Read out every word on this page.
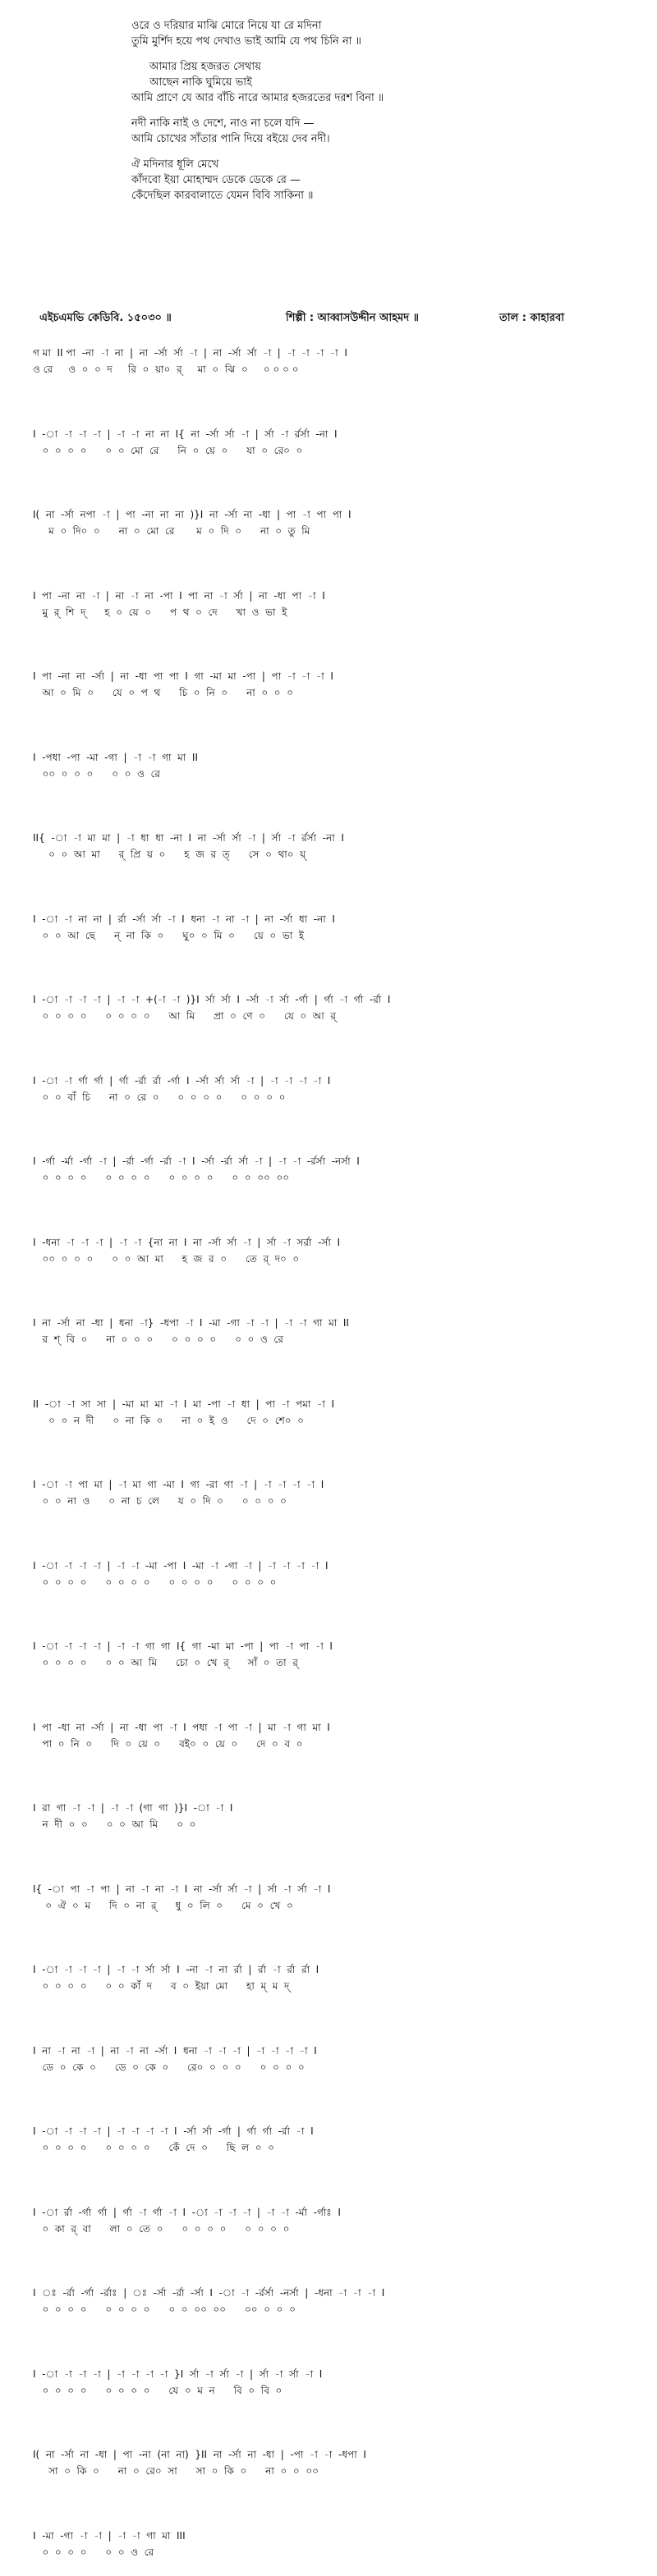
ওরে ও দরিয়ার মাঝি মোরে নিয়ে যা রে মদিনা
তুমি মুর্শিদ হয়ে পথ দেখাও ভাই আমি যে পথ চিনি না ॥
আমার প্রিয় হজরত সেথায়
আছেন নাকি ঘুমিয়ে ভাই
আমি প্রাণে যে আর বাঁচি নারে আমার হজরতের দরশ বিনা ॥
নদী নাকি নাই ও দেশে, নাও না চলে যদি —
আমি চোখের সাঁতার পানি দিয়ে বইয়ে দেব নদী।
ঐ মদিনার ধূলি মেখে
কাঁদবো ইয়া মোহাম্মদ ডেকে ডেকে রে —
কেঁদেছিল কারবালাতে যেমন বিবি সাকিনা ॥
এইচএমভি কেডিবি. ১৫০৩০ ॥	শিল্পী : আব্বাসউদ্দীন আহমদ ॥	তাল : কাহারবা
গ মা  II পা  -না  -া  না  |  না  -র্সা  র্সা  -া  |  না  -র্সা  র্সা  -া  |  -া  -া  -া  -া  I
ও রে     ও  ০  ০  দ     রি  ০  য়া০  র্     মা  ০  ঝি  ০     ০ ০ ০ ০
I  -া  -া  -া  -া  |  -া  -া  না  না  I{  না  -র্সা  র্সা  -া  |  র্সা  -া  র্রর্সা  -না  I
০  ০  ০  ০      ০  ০  মো  রে      নি  ০  য়ে  ০      যা  ০  রে০  ০
I(  না  -র্সা  নপা  -া  |  পা  -না  না  না  )}I  না  -র্সা  না  -ধা  |  পা  -া  পা  পা  I
ম  ০  দি০  ০      না  ০  মো  রে       ম  ০  দি  ০      না  ০  তু  মি
I  পা  -না  না  -া  |  না  -া  না  -পা  I  পা  না  -া  র্সা  |  না  -ধা  পা  -া  I
মু  র্  শি  দ্      হ  ০  য়ে  ০      প  থ  ০  দে      খা  ও  ভা  ই
I  পা  -না  না  -র্সা  |  না  -ধা  পা  পা  I  গা  -মা  মা  -পা  |  পা  -া  -া  -া  I
আ  ০  মি  ০      যে  ০  প  থ      চি  ০  নি  ০      না  ০  ০  ০
I  -পধা  -পা  -মা  -গা  |  -া  -া  গা  মা  II
০০  ০  ০  ০      ০  ০  ও  রে
II{  -া  -া  মা  মা  |  -া  ধা  ধা  -না  I  না  -র্সা  র্সা  -া  |  র্সা  -া  র্রর্সা  -না  I
০  ০  আ  মা      র্  প্রি  য়  ০      হ  জ  র  ত্      সে  ০  থা০  য়্
I  -া  -া  না  না  |  র্রা  -র্সা  র্সা  -া  I  ধনা  -া  না  -া  |  না  -র্সা  ধা  -না  I
০  ০  আ  ছে      ন্  না  কি  ০      ঘু০  ০  মি  ০      য়ে  ০  ভা  ই
I  -া  -া  -া  -া  |  -া  -া  +(-া  -া  )}I  র্সা  র্সা  I  -র্সা  -া  র্সা  -র্গা  |  র্গা  -া  র্গা  -র্রা  I
০  ০  ০  ০      ০  ০  ০  ০      আ  মি      প্রা  ০  ণে  ০      যে  ০  আ  র্
I  -া  -া  র্গা  র্গা  |  র্গা  -র্রা  র্রা  -র্গা  I  -র্সা  র্সা  র্সা  -া  |  -া  -া  -া  -া  I
০  ০  বাঁ  চি      না  ০  রে  ০      ০  ০  ০  ০      ০  ০  ০  ০
I  -র্গা  -র্মা  -র্গা  -া  |  -র্রা  -র্গা  -র্রা  -া  I  -র্সা  -র্রা  র্সা  -া  |  -া  -া  -র্রর্সা  -নর্সা  I
০  ০  ০  ০      ০  ০  ০  ০      ০  ০  ০  ০      ০  ০  ০০  ০০
I  -ধনা  -া  -া  -া  |  -া  -া  {না  না  I  না  -র্সা  র্সা  -া  |  র্সা  -া  সর্রা  -র্সা  I
০০  ০  ০  ০      ০  ০  আ  মা      হ  জ  র  ০      তে  র্  দ০  ০
I  না  -র্সা  না  -ধা  |  ধনা  -া}  -ধপা  -া  I  -মা  -গা  -া  -া  |  -া  -া  গা  মা  II
র  শ্  বি  ০      না  ০  ০  ০      ০  ০  ০  ০      ০  ০  ও  রে
II  -া  -া  সা  সা  |  -মা  মা  মা  -া  I  মা  -পা  -া  ধা  |  পা  -া  পমা  -া  I
০  ০  ন  দী      ০  না  কি  ০      না  ০  ই  ও      দে  ০  শে০  ০
I  -া  -া  পা  মা  |  -া  মা  গা  -মা  I  গা  -রা  গা  -া  |  -া  -া  -া  -া  I
০  ০  না  ও      ০  না  চ  লে      য  ০  দি  ০      ০  ০  ০  ০
I  -া  -া  -া  -া  |  -া  -া  -মা  -পা  I  -মা  -া  -গা  -া  |  -া  -া  -া  -া  I
০  ০  ০  ০      ০  ০  ০  ০      ০  ০  ০  ০      ০  ০  ০  ০
I  -া  -া  -া  -া  |  -া  -া  গা  গা  I{  গা  -মা  মা  -পা  |  পা  -া  পা  -া  I
০  ০  ০  ০      ০  ০  আ  মি      চো  ০  খে  র্      সাঁ  ০  তা  র্
I  পা  -ধা  না  -র্সা  |  না  -ধা  পা  -া  I  পধা  -া  পা  -া  |  মা  -া  গা  মা  I
পা  ০  নি  ০      দি  ০  য়ে  ০      বই০  ০  য়ে  ০      দে  ০  ব  ০
I  রা  গা  -া  -া  |  -া  -া  (গা  গা  )}I  -া  -া  I
ন  দী  ০  ০      ০  ০  আ  মি      ০  ০
I{  -া  পা  -া  পা  |  না  -া  না  -া  I  না  -র্সা  র্সা  -া  |  র্সা  -া  র্সা  -া  I
০  ঐ  ০  ম      দি  ০  না  র্      ধু  ০  লি  ০      মে  ০  খে  ০
I  -া  -া  -া  -া  |  -া  -া  র্সা  র্সা  I  -না  -া  না  র্রা  |  র্রা  -া  র্রা  র্রা  I
০  ০  ০  ০      ০  ০  কাঁ  দ      ব  ০  ইয়া  মো      হা  ম্  ম  দ্
I  না  -া  না  -া  |  না  -া  না  -র্সা  I  ধনা  -া  -া  -া  |  -া  -া  -া  -া  I
ডে  ০  কে  ০      ডে  ০  কে  ০      রে০  ০  ০  ০      ০  ০  ০  ০
I  -া  -া  -া  -া  |  -া  -া  -া  -া  I  -র্সা  র্সা  -র্গা  |  র্গা  র্গা  -র্রা  -া  I
০  ০  ০  ০      ০  ০  ০  ০      কেঁ  দে  ০      ছি  ল  ০  ০
I  -া  র্রা  -র্গা  র্গা  |  র্গা  -া  র্গা  -া  I  -া  -া  -া  -া  |  -া  -া  -র্মা  -র্গাঃ  I
০  কা  র্  বা      লা  ০  তে  ০      ০  ০  ০  ০      ০  ০  ০  ০
I  ঃ  -র্রা  -র্গা  -র্রাঃ  |  ঃ  -র্সা  -র্রা  -র্সা  I  -া  -া  -র্রর্সা  -নর্সা  |  -ধনা  -া  -া  -া  I
০  ০  ০  ০      ০  ০  ০  ০      ০  ০  ০০  ০০      ০০  ০  ০  ০
I  -া  -া  -া  -া  |  -া  -া  -া  -া  }I  র্সা  -া  র্সা  -া  |  র্সা  -া  র্সা  -া  I
০  ০  ০  ০      ০  ০  ০  ০      যে  ০  ম  ন      বি  ০  বি  ০
I(  না  -র্সা  না  -ধা  |  পা  -না  (না  না)  }II  না  -র্সা  না  -ধা  |  -পা  -া  -া  -ধপা  I
সা  ০  কি  ০      না  ০  রে০  সা      সা  ০  কি  ০      না  ০  ০  ০০
I  -মা  -গা  -া  -া  |  -া  -া  গা  মা  III
০  ০  ০  ০      ০  ০  ও  রে
